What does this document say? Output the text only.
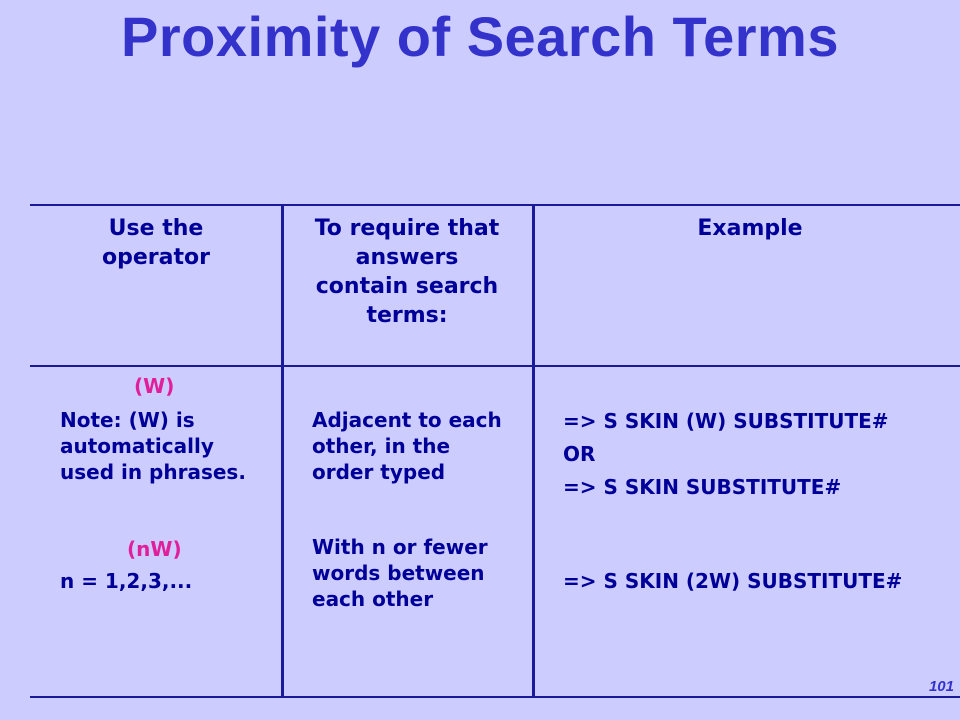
Proximity of Search Terms
Use the operator
To require that answers contain search terms:
Example
(W)
Note: (W) is automatically used in phrases.
Adjacent to each other, in the order typed
=> S SKIN (W) SUBSTITUTE#
OR
=> S SKIN SUBSTITUTE#
(nW)
n = 1,2,3,...
With n or fewer words between each other
=> S SKIN (2W) SUBSTITUTE#
101
